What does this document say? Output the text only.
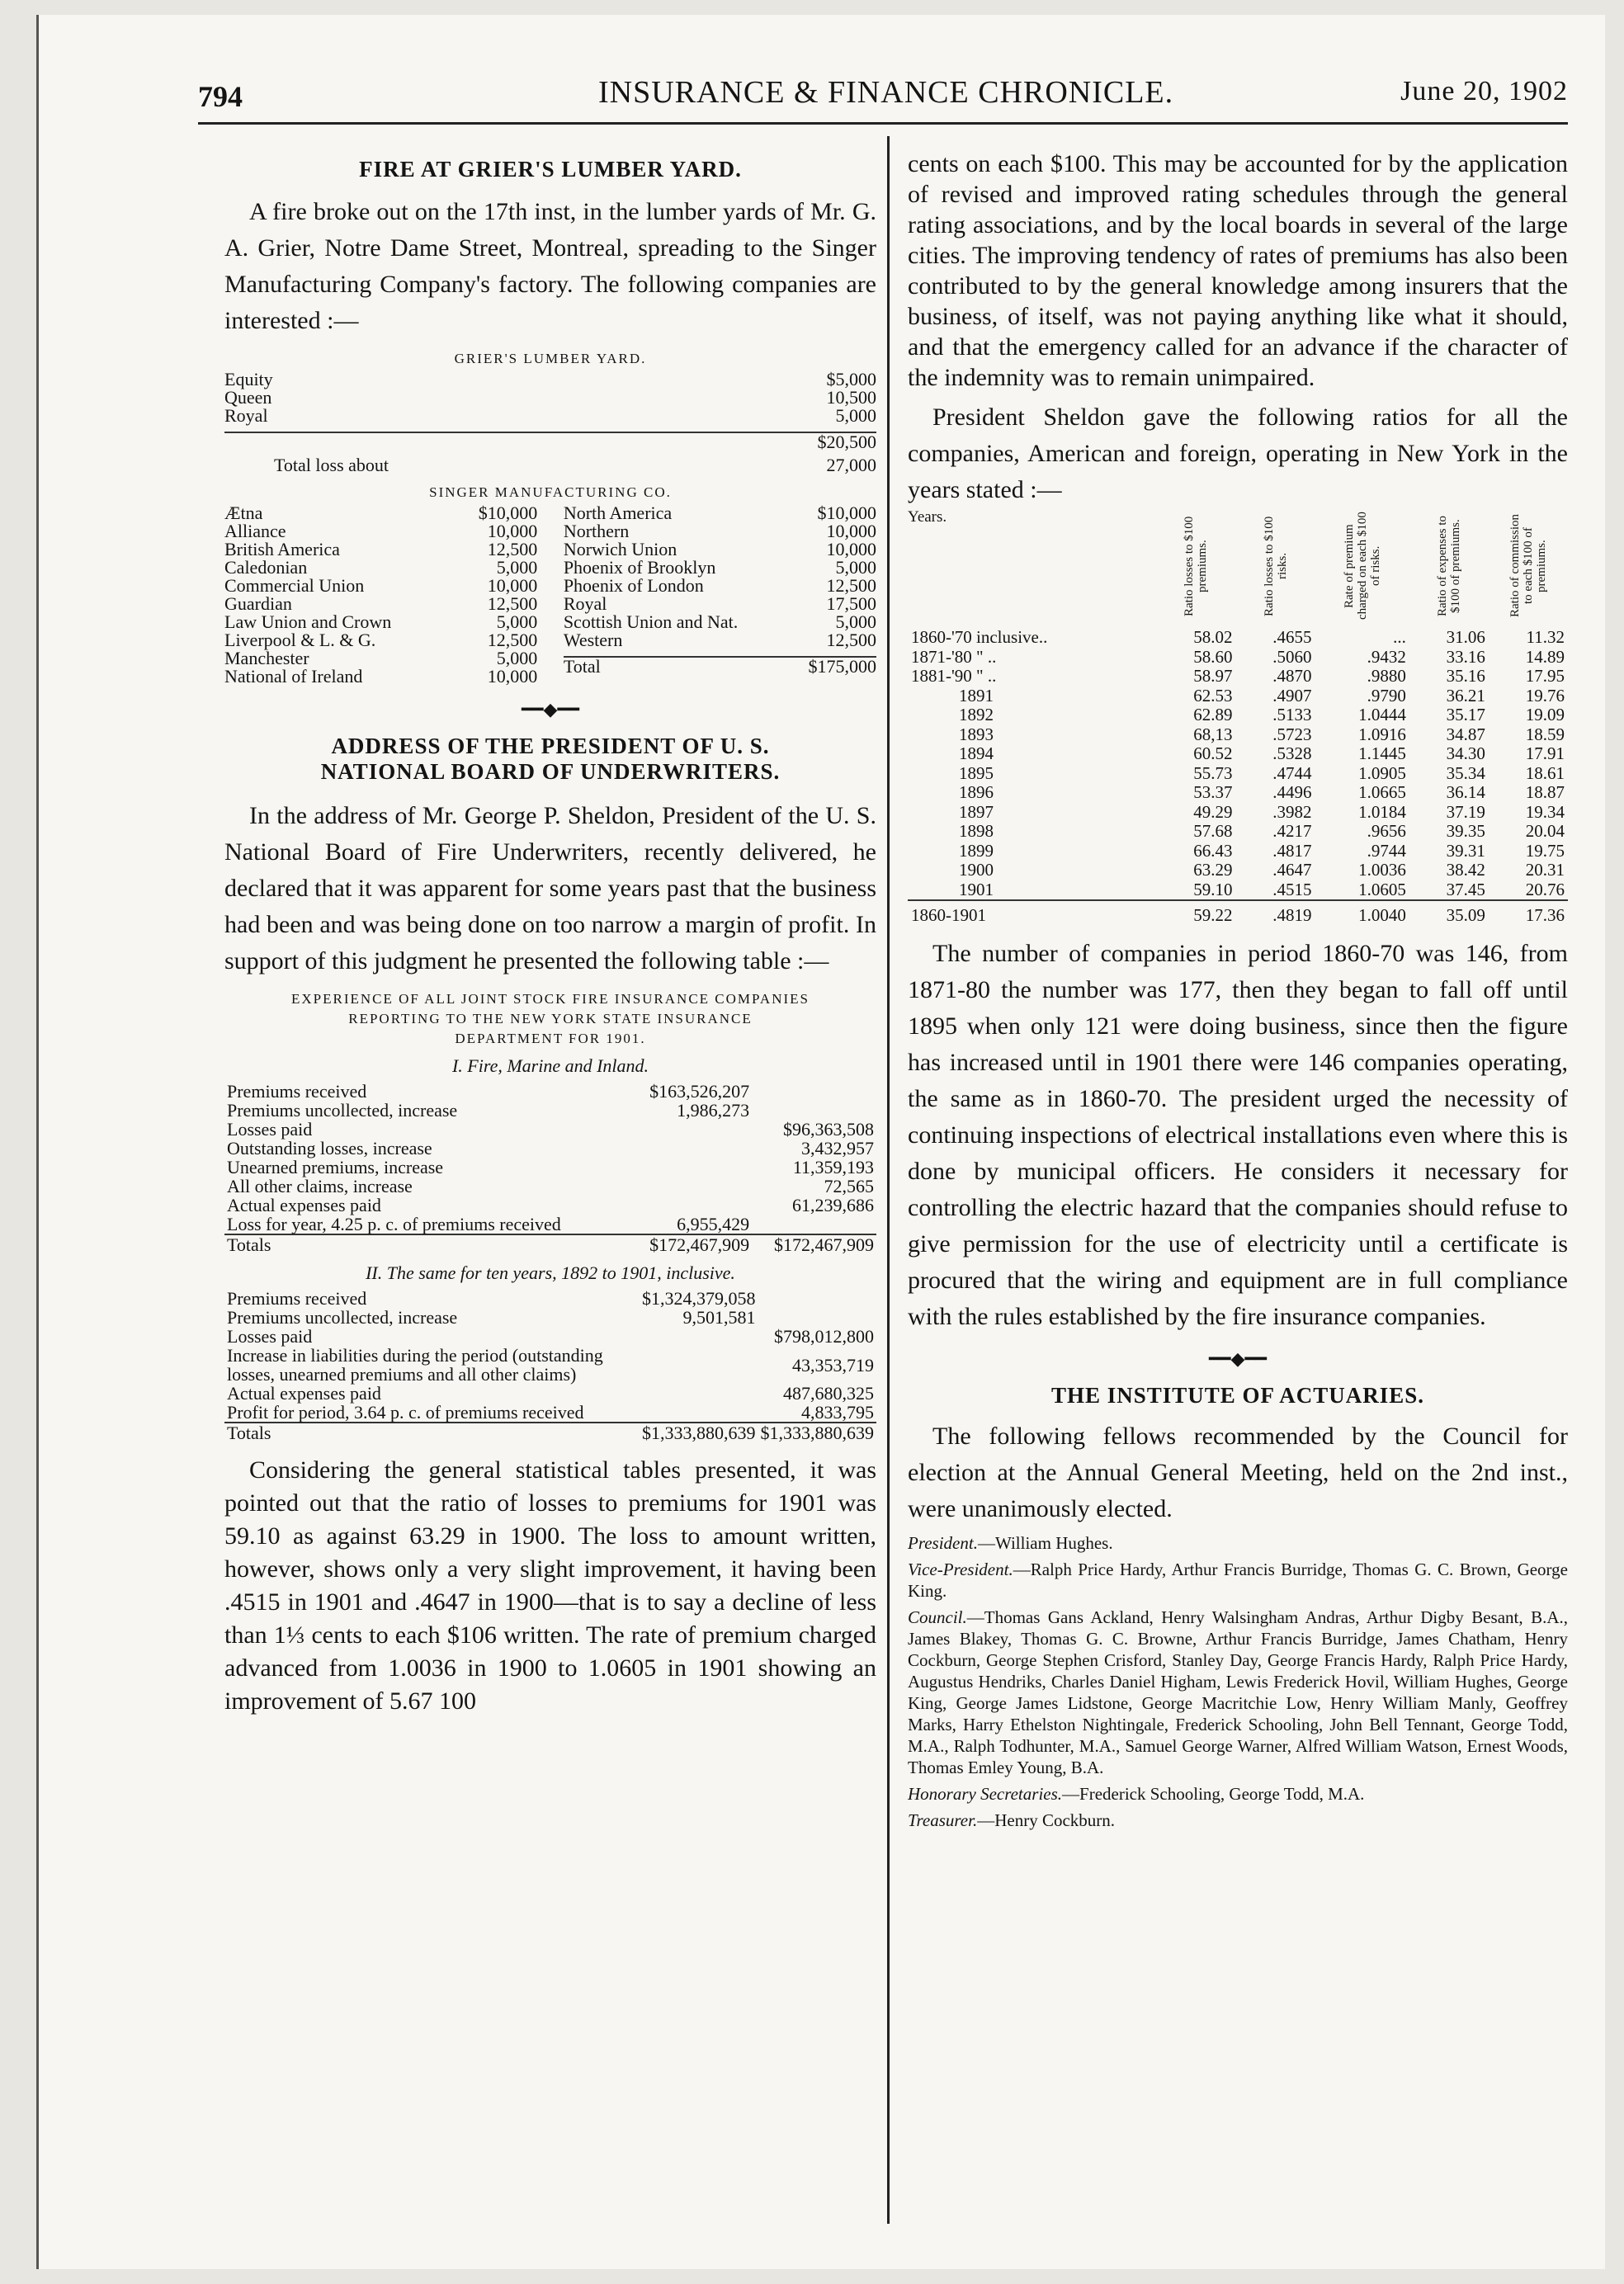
794	INSURANCE & FINANCE CHRONICLE.	June 20, 1902

FIRE AT GRIER'S LUMBER YARD.

A fire broke out on the 17th inst, in the lumber yards of Mr. G. A. Grier, Notre Dame Street, Montreal, spreading to the Singer Manufacturing Company's factory. The following companies are interested :—

GRIER'S LUMBER YARD.

Equity	$5,000
Queen	10,500
Royal	5,000
$20,500
Total loss about	27,000

SINGER MANUFACTURING CO.

Ætna	$10,000
Alliance	10,000
British America	12,500
Caledonian	5,000
Commercial Union	10,000
Guardian	12,500
Law Union and Crown	5,000
Liverpool & L. & G.	12,500
Manchester	5,000
National of Ireland	10,000
North America	$10,000
Northern	10,000
Norwich Union	10,000
Phoenix of Brooklyn	5,000
Phoenix of London	12,500
Royal	17,500
Scottish Union and Nat.	5,000
Western	12,500
Total	$175,000
━━◆━━

ADDRESS OF THE PRESIDENT OF U. S.

NATIONAL BOARD OF UNDERWRITERS.

In the address of Mr. George P. Sheldon, President of the U. S. National Board of Fire Underwriters, recently delivered, he declared that it was apparent for some years past that the business had been and was being done on too narrow a margin of profit. In support of this judgment he presented the following table :—

EXPERIENCE OF ALL JOINT STOCK FIRE INSURANCE COMPANIES

REPORTING TO THE NEW YORK STATE INSURANCE

DEPARTMENT FOR 1901.

I. Fire, Marine and Inland.

Premiums received	$163,526,207	
Premiums uncollected, increase	1,986,273	
Losses paid		$96,363,508
Outstanding losses, increase		3,432,957
Unearned premiums, increase		11,359,193
All other claims, increase		72,565
Actual expenses paid		61,239,686
Loss for year, 4.25 p. c. of premiums received	6,955,429	
Totals	$172,467,909	$172,467,909

II. The same for ten years, 1892 to 1901, inclusive.

Premiums received	$1,324,379,058	
Premiums uncollected, increase	9,501,581	
Losses paid		$798,012,800
Increase in liabilities during the period (outstanding losses, unearned premiums and all other claims)		43,353,719
Actual expenses paid		487,680,325
Profit for period, 3.64 p. c. of premiums received		4,833,795
Totals	$1,333,880,639	$1,333,880,639

Considering the general statistical tables presented, it was pointed out that the ratio of losses to premiums for 1901 was 59.10 as against 63.29 in 1900. The loss to amount written, however, shows only a very slight improvement, it having been .4515 in 1901 and .4647 in 1900—that is to say a decline of less than 1⅓ cents to each $106 written. The rate of premium charged advanced from 1.0036 in 1900 to 1.0605 in 1901 showing an improvement of 5.67 100

cents on each $100. This may be accounted for by the application of revised and improved rating schedules through the general rating associations, and by the local boards in several of the large cities. The improving tendency of rates of premiums has also been contributed to by the general knowledge among insurers that the business, of itself, was not paying anything like what it should, and that the emergency called for an advance if the character of the indemnity was to remain unimpaired.

President Sheldon gave the following ratios for all the companies, American and foreign, operating in New York in the years stated :—

Years.	Ratio losses to $100 premiums.	Ratio losses to $100 risks.	Rate of premium charged on each $100 of risks.	Ratio of expenses to $100 of premiums.	Ratio of commission to each $100 of premiums.
1860-'70 inclusive..	58.02	.4655	...	31.06	11.32
1871-'80 " ..	58.60	.5060	.9432	33.16	14.89
1881-'90 " ..	58.97	.4870	.9880	35.16	17.95
1891	62.53	.4907	.9790	36.21	19.76
1892	62.89	.5133	1.0444	35.17	19.09
1893	68,13	.5723	1.0916	34.87	18.59
1894	60.52	.5328	1.1445	34.30	17.91
1895	55.73	.4744	1.0905	35.34	18.61
1896	53.37	.4496	1.0665	36.14	18.87
1897	49.29	.3982	1.0184	37.19	19.34
1898	57.68	.4217	.9656	39.35	20.04
1899	66.43	.4817	.9744	39.31	19.75
1900	63.29	.4647	1.0036	38.42	20.31
1901	59.10	.4515	1.0605	37.45	20.76
1860-1901	59.22	.4819	1.0040	35.09	17.36

The number of companies in period 1860-70 was 146, from 1871-80 the number was 177, then they began to fall off until 1895 when only 121 were doing business, since then the figure has increased until in 1901 there were 146 companies operating, the same as in 1860-70. The president urged the necessity of continuing inspections of electrical installations even where this is done by municipal officers. He considers it necessary for controlling the electric hazard that the companies should refuse to give permission for the use of electricity until a certificate is procured that the wiring and equipment are in full compliance with the rules established by the fire insurance companies.

━━◆━━

THE INSTITUTE OF ACTUARIES.

The following fellows recommended by the Council for election at the Annual General Meeting, held on the 2nd inst., were unanimously elected.

President.—William Hughes.

Vice-President.—Ralph Price Hardy, Arthur Francis Burridge, Thomas G. C. Brown, George King.

Council.—Thomas Gans Ackland, Henry Walsingham Andras, Arthur Digby Besant, B.A., James Blakey, Thomas G. C. Browne, Arthur Francis Burridge, James Chatham, Henry Cockburn, George Stephen Crisford, Stanley Day, George Francis Hardy, Ralph Price Hardy, Augustus Hendriks, Charles Daniel Higham, Lewis Frederick Hovil, William Hughes, George King, George James Lidstone, George Macritchie Low, Henry William Manly, Geoffrey Marks, Harry Ethelston Nightingale, Frederick Schooling, John Bell Tennant, George Todd, M.A., Ralph Todhunter, M.A., Samuel George Warner, Alfred William Watson, Ernest Woods, Thomas Emley Young, B.A.

Honorary Secretaries.—Frederick Schooling, George Todd, M.A.

Treasurer.—Henry Cockburn.
